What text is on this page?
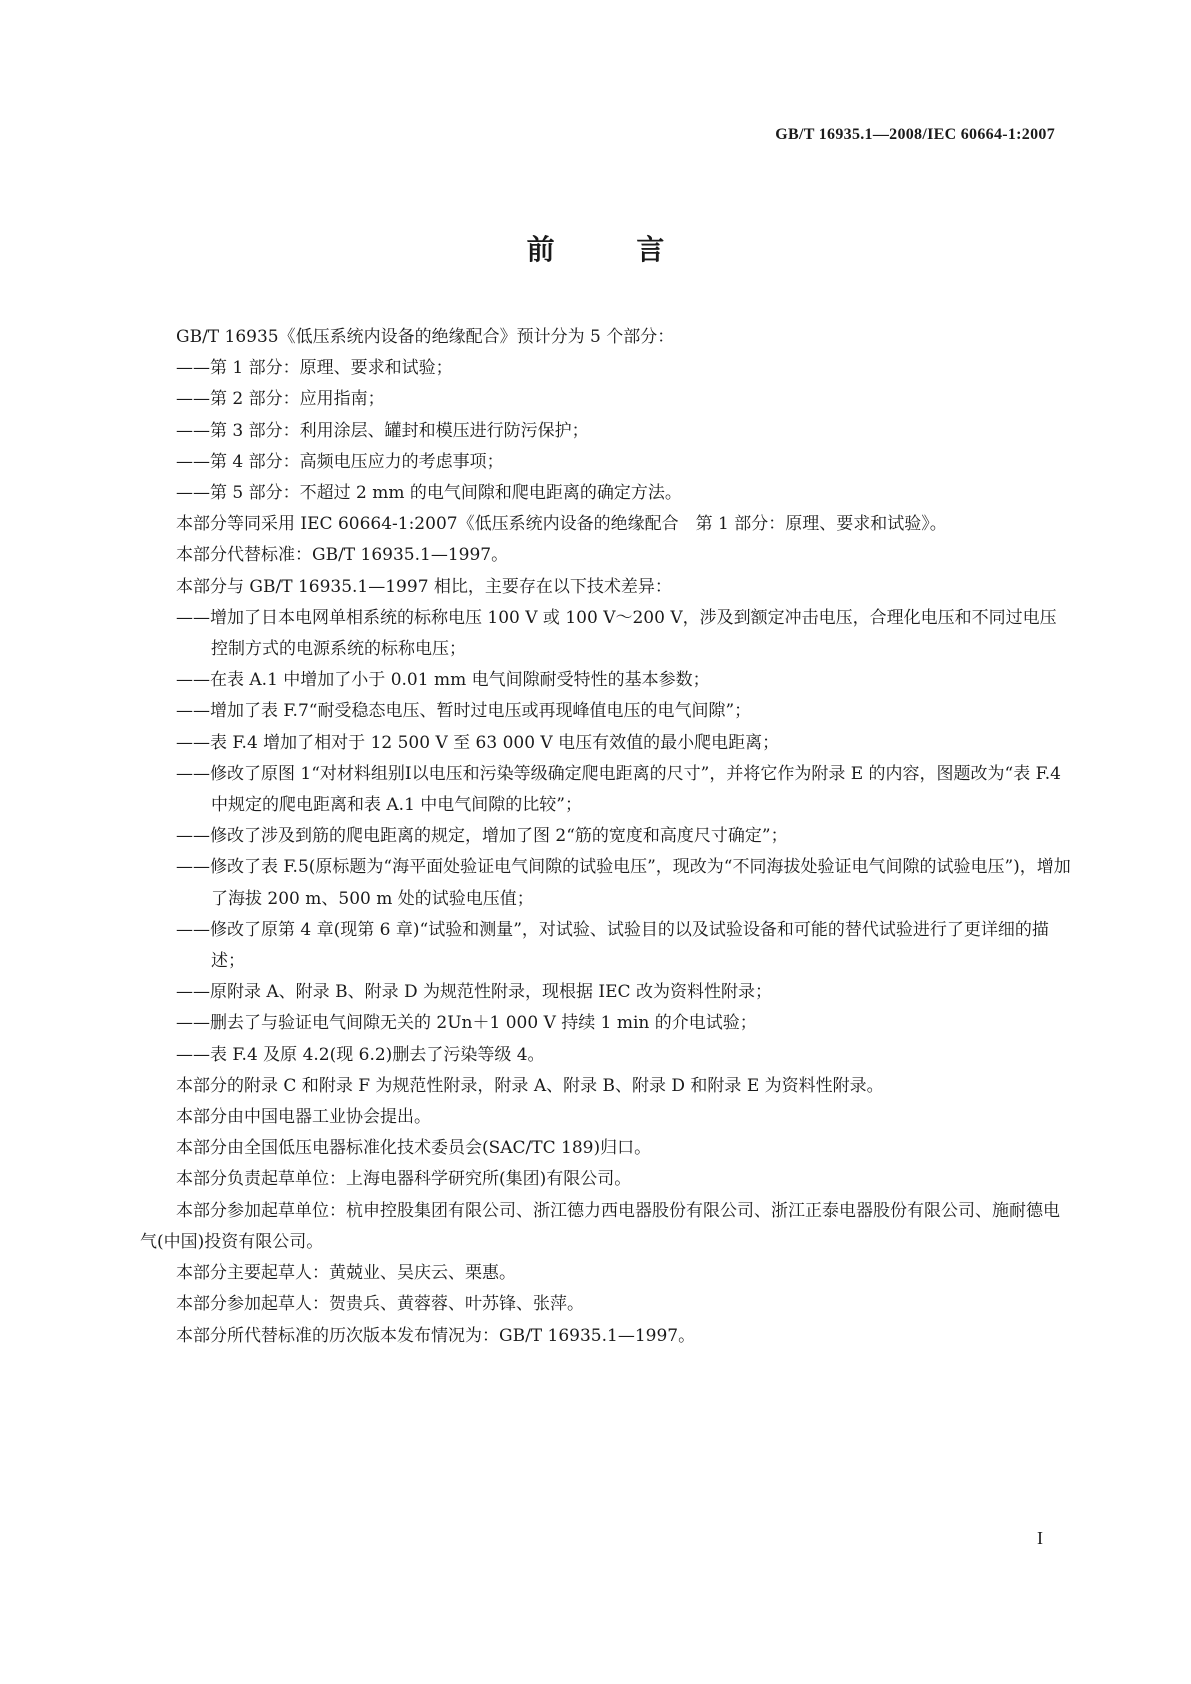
GB/T 16935.1—2008/IEC 60664-1:2007
前 言

GB/T 16935《低压系统内设备的绝缘配合》预计分为 5 个部分：

——第 1 部分：原理、要求和试验；

——第 2 部分：应用指南；

——第 3 部分：利用涂层、罐封和模压进行防污保护；

——第 4 部分：高频电压应力的考虑事项；

——第 5 部分：不超过 2 mm 的电气间隙和爬电距离的确定方法。

本部分等同采用 IEC 60664-1:2007《低压系统内设备的绝缘配合　第 1 部分：原理、要求和试验》。

本部分代替标准：GB/T 16935.1—1997。

本部分与 GB/T 16935.1—1997 相比，主要存在以下技术差异：

——增加了日本电网单相系统的标称电压 100 V 或 100 V～200 V，涉及到额定冲击电压，合理化电压和不同过电压控制方式的电源系统的标称电压；

——在表 A.1 中增加了小于 0.01 mm 电气间隙耐受特性的基本参数；

——增加了表 F.7“耐受稳态电压、暂时过电压或再现峰值电压的电气间隙”；

——表 F.4 增加了相对于 12 500 V 至 63 000 V 电压有效值的最小爬电距离；

——修改了原图 1“对材料组别Ⅰ以电压和污染等级确定爬电距离的尺寸”，并将它作为附录 E 的内容，图题改为“表 F.4 中规定的爬电距离和表 A.1 中电气间隙的比较”；

——修改了涉及到筋的爬电距离的规定，增加了图 2“筋的宽度和高度尺寸确定”；

——修改了表 F.5(原标题为“海平面处验证电气间隙的试验电压”，现改为“不同海拔处验证电气间隙的试验电压”)，增加了海拔 200 m、500 m 处的试验电压值；

——修改了原第 4 章(现第 6 章)“试验和测量”，对试验、试验目的以及试验设备和可能的替代试验进行了更详细的描述；

——原附录 A、附录 B、附录 D 为规范性附录，现根据 IEC 改为资料性附录；

——删去了与验证电气间隙无关的 2Un＋1 000 V 持续 1 min 的介电试验；

——表 F.4 及原 4.2(现 6.2)删去了污染等级 4。

本部分的附录 C 和附录 F 为规范性附录，附录 A、附录 B、附录 D 和附录 E 为资料性附录。

本部分由中国电器工业协会提出。

本部分由全国低压电器标准化技术委员会(SAC/TC 189)归口。

本部分负责起草单位：上海电器科学研究所(集团)有限公司。

本部分参加起草单位：杭申控股集团有限公司、浙江德力西电器股份有限公司、浙江正泰电器股份有限公司、施耐德电气(中国)投资有限公司。

本部分主要起草人：黄兢业、吴庆云、栗惠。

本部分参加起草人：贺贵兵、黄蓉蓉、叶苏锋、张萍。

本部分所代替标准的历次版本发布情况为：GB/T 16935.1—1997。

I
